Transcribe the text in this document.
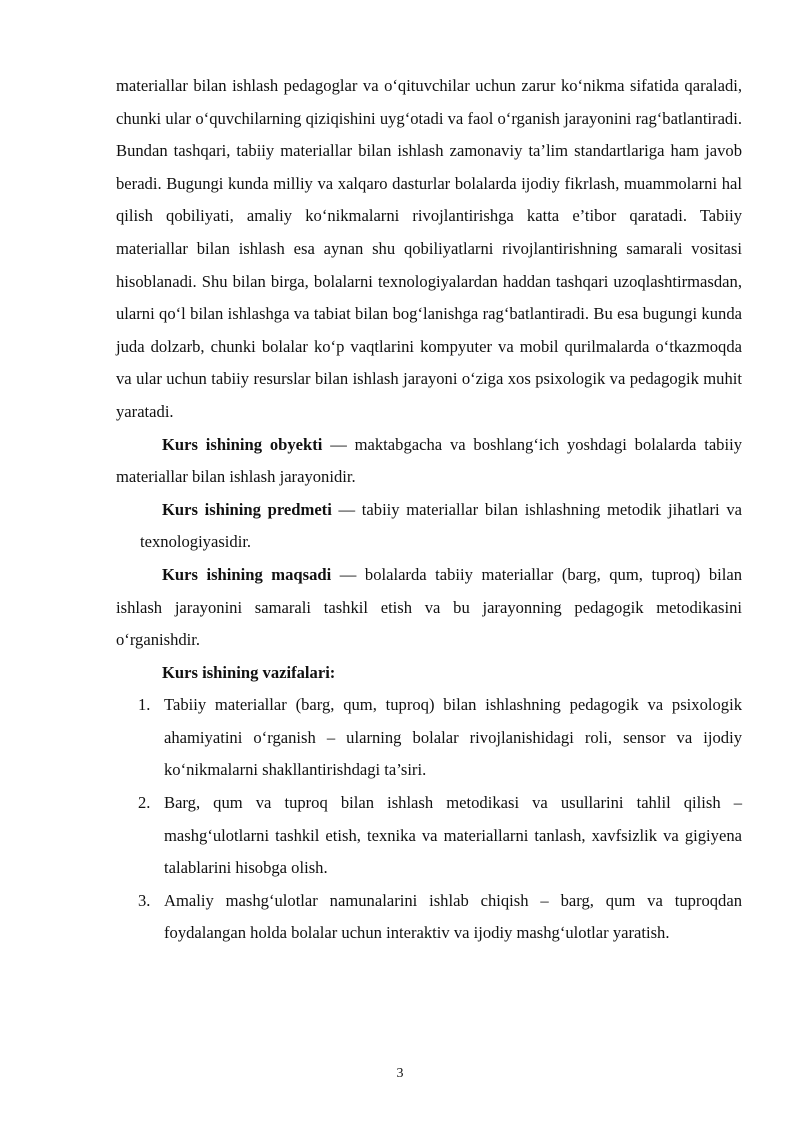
materiallar bilan ishlash pedagoglar va o‘qituvchilar uchun zarur ko‘nikma sifatida qaraladi, chunki ular o‘quvchilarning qiziqishini uyg‘otadi va faol o‘rganish jarayonini rag‘batlantiradi. Bundan tashqari, tabiiy materiallar bilan ishlash zamonaviy ta’lim standartlariga ham javob beradi. Bugungi kunda milliy va xalqaro dasturlar bolalarda ijodiy fikrlash, muammolarni hal qilish qobiliyati, amaliy ko‘nikmalarni rivojlantirishga katta e’tibor qaratadi. Tabiiy materiallar bilan ishlash esa aynan shu qobiliyatlarni rivojlantirishning samarali vositasi hisoblanadi. Shu bilan birga, bolalarni texnologiyalardan haddan tashqari uzoqlashtirmasdan, ularni qo‘l bilan ishlashga va tabiat bilan bog‘lanishga rag‘batlantiradi. Bu esa bugungi kunda juda dolzarb, chunki bolalar ko‘p vaqtlarini kompyuter va mobil qurilmalarda o‘tkazmoqda va ular uchun tabiiy resurslar bilan ishlash jarayoni o‘ziga xos psixologik va pedagogik muhit yaratadi.

Kurs ishining obyekti — maktabgacha va boshlang‘ich yoshdagi bolalarda tabiiy materiallar bilan ishlash jarayonidir.

Kurs ishining predmeti — tabiiy materiallar bilan ishlashning metodik jihatlari va texnologiyasidir.

Kurs ishining maqsadi — bolalarda tabiiy materiallar (barg, qum, tuproq) bilan ishlash jarayonini samarali tashkil etish va bu jarayonning pedagogik metodikasini o‘rganishdir.

Kurs ishining vazifalari:

1. Tabiiy materiallar (barg, qum, tuproq) bilan ishlashning pedagogik va psixologik ahamiyatini o‘rganish – ularning bolalar rivojlanishidagi roli, sensor va ijodiy ko‘nikmalarni shakllantirishdagi ta’siri.
2. Barg, qum va tuproq bilan ishlash metodikasi va usullarini tahlil qilish – mashg‘ulotlarni tashkil etish, texnika va materiallarni tanlash, xavfsizlik va gigiyena talablarini hisobga olish.
3. Amaliy mashg‘ulotlar namunalarini ishlab chiqish – barg, qum va tuproqdan foydalangan holda bolalar uchun interaktiv va ijodiy mashg‘ulotlar yaratish.
3
